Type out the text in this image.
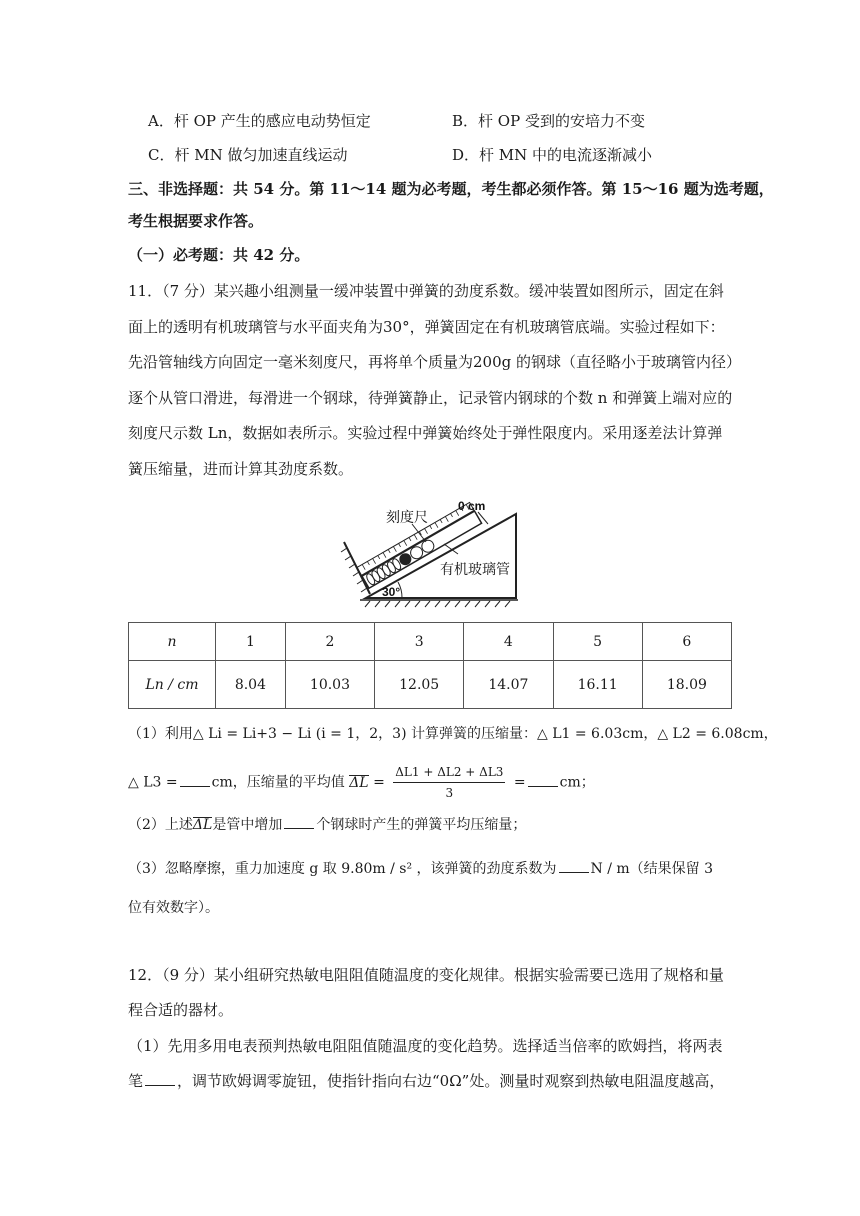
A．杆 OP 产生的感应电动势恒定	B．杆 OP 受到的安培力不变
C．杆 MN 做匀加速直线运动	D．杆 MN 中的电流逐渐减小
三、非选择题：共 54 分。第 11～14 题为必考题，考生都必须作答。第 15～16 题为选考题，
考生根据要求作答。
（一）必考题：共 42 分。
11．（7 分）某兴趣小组测量一缓冲装置中弹簧的劲度系数。缓冲装置如图所示，固定在斜
面上的透明有机玻璃管与水平面夹角为30°，弹簧固定在有机玻璃管底端。实验过程如下：
先沿管轴线方向固定一毫米刻度尺，再将单个质量为200g 的钢球（直径略小于玻璃管内径）
逐个从管口滑进，每滑进一个钢球，待弹簧静止，记录管内钢球的个数 n 和弹簧上端对应的
刻度尺示数 Ln，数据如表所示。实验过程中弹簧始终处于弹性限度内。采用逐差法计算弹
簧压缩量，进而计算其劲度系数。
刻度尺
0 cm
有机玻璃管
30°
n	1	2	3	4	5	6
Ln / cm	8.04	10.03	12.05	14.07	16.11	18.09
（1）利用△ Li = Li+3 − Li (i = 1，2，3) 计算弹簧的压缩量：△ L1 = 6.03cm，△ L2 = 6.08cm，
△ L3 = cm，压缩量的平均值 $\Delta L = \frac{\Delta L1 + \Delta L2 + \Delta L3}{3}$ = cm；
（2）上述ΔL是管中增加 个钢球时产生的弹簧平均压缩量；
（3）忽略摩擦，重力加速度 g 取 9.80m / s² ，该弹簧的劲度系数为 N / m（结果保留 3
位有效数字）。
12．（9 分）某小组研究热敏电阻阻值随温度的变化规律。根据实验需要已选用了规格和量
程合适的器材。
（1）先用多用电表预判热敏电阻阻值随温度的变化趋势。选择适当倍率的欧姆挡，将两表
笔 ，调节欧姆调零旋钮，使指针指向右边“0Ω”处。测量时观察到热敏电阻温度越高，
